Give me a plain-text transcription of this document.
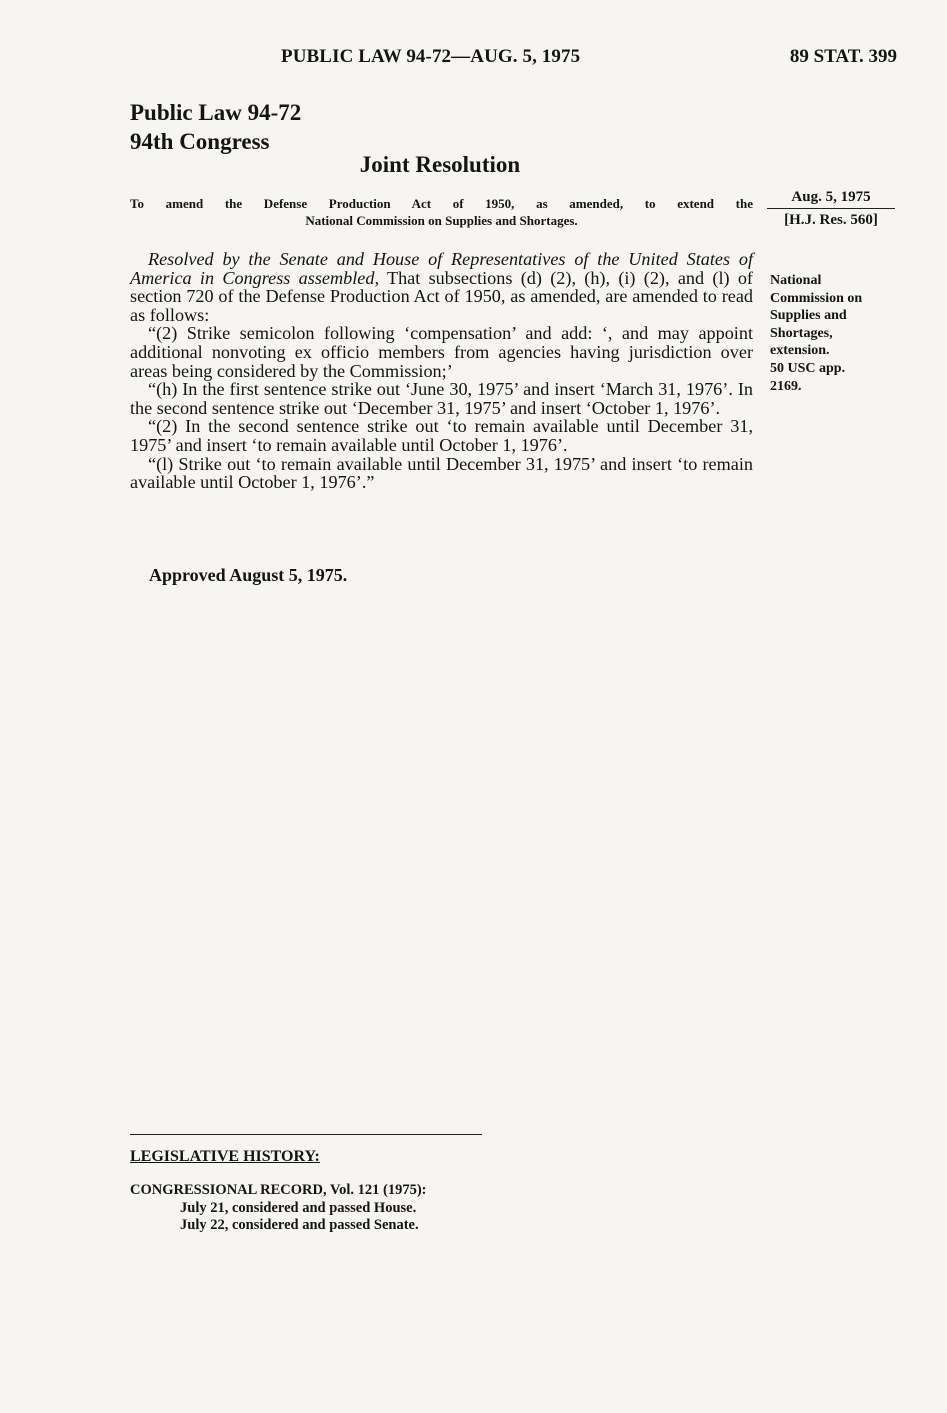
PUBLIC LAW 94-72—AUG. 5, 1975	89 STAT. 399
Public Law 94-72
94th Congress
Joint Resolution
To amend the Defense Production Act of 1950, as amended, to extend the
National Commission on Supplies and Shortages.
Aug. 5, 1975
[H.J. Res. 560]
National
Commission on
Supplies and
Shortages,
extension.
50 USC app.
2169.

Resolved by the Senate and House of Representatives of the United States of America in Congress assembled, That subsections (d) (2), (h), (i) (2), and (l) of section 720 of the Defense Production Act of 1950, as amended, are amended to read as follows:

“(2) Strike semicolon following ‘compensation’ and add: ‘, and may appoint additional nonvoting ex officio members from agencies having jurisdiction over areas being considered by the Commission;’

“(h) In the first sentence strike out ‘June 30, 1975’ and insert ‘March 31, 1976’. In the second sentence strike out ‘December 31, 1975’ and insert ‘October 1, 1976’.

“(2) In the second sentence strike out ‘to remain available until December 31, 1975’ and insert ‘to remain available until October 1, 1976’.

“(l) Strike out ‘to remain available until December 31, 1975’ and insert ‘to remain available until October 1, 1976’.”

Approved August 5, 1975.
LEGISLATIVE HISTORY:
CONGRESSIONAL RECORD, Vol. 121 (1975):
July 21, considered and passed House.
July 22, considered and passed Senate.
